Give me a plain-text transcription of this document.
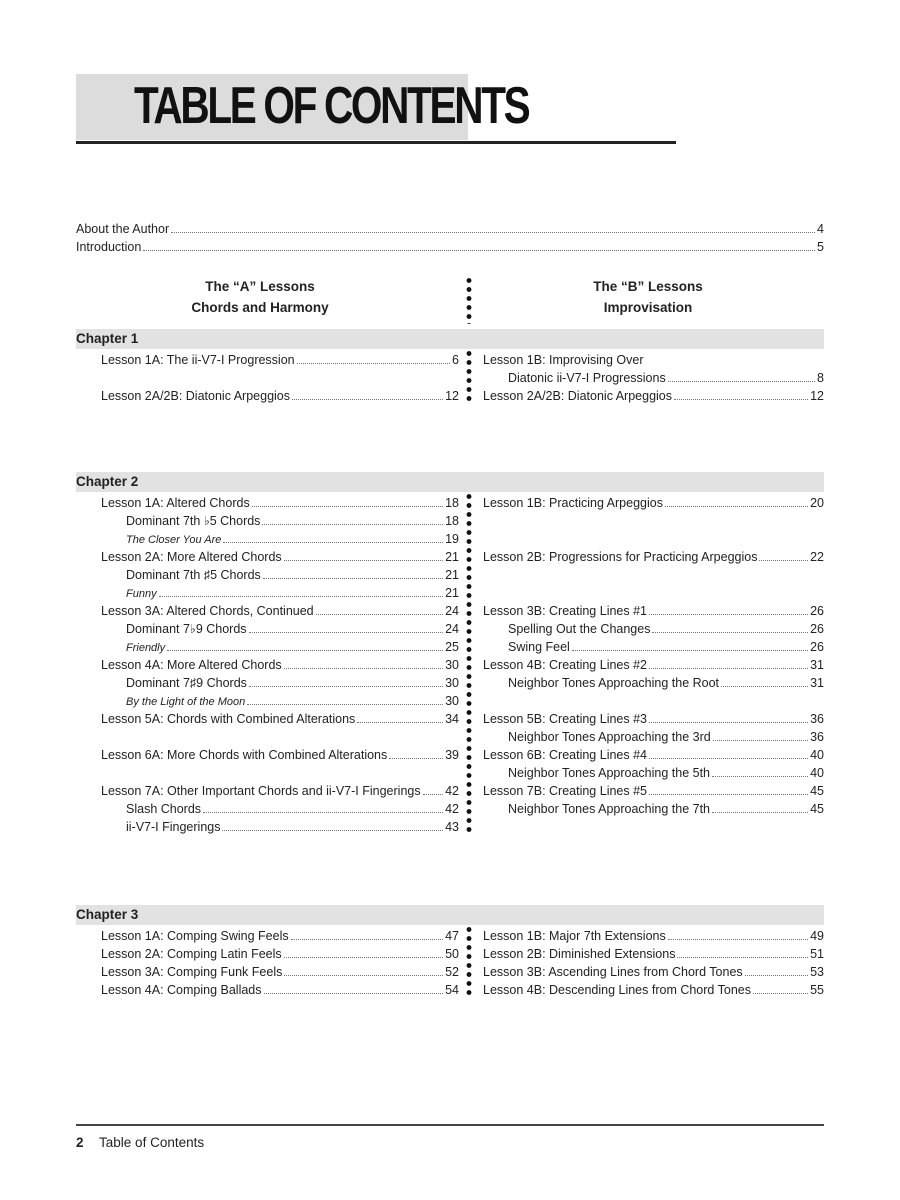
TABLE OF CONTENTS
About the Author	4
Introduction	5
The “A” Lessons
Chords and Harmony
The “B” Lessons
Improvisation
Chapter 1
Lesson 1A: The ii-V7-I Progression	6
Lesson 2A/2B: Diatonic Arpeggios	12
Lesson 1B: Improvising Over
Diatonic ii-V7-I Progressions	8
Lesson 2A/2B: Diatonic Arpeggios	12
Chapter 2
Lesson 1A: Altered Chords	18
Dominant 7th ♭5 Chords	18
The Closer You Are	19
Lesson 2A: More Altered Chords	21
Dominant 7th ♯5 Chords	21
Funny	21
Lesson 3A: Altered Chords, Continued	24
Dominant 7♭9 Chords	24
Friendly	25
Lesson 4A: More Altered Chords	30
Dominant 7♯9 Chords	30
By the Light of the Moon	30
Lesson 5A: Chords with Combined Alterations	34
Lesson 6A: More Chords with Combined Alterations	39
Lesson 7A: Other Important Chords and ii-V7-I Fingerings 42
Slash Chords	42
ii-V7-I Fingerings	43
Lesson 1B: Practicing Arpeggios	20
Lesson 2B: Progressions for Practicing Arpeggios	22
Lesson 3B: Creating Lines #1	26
Spelling Out the Changes	26
Swing Feel	26
Lesson 4B: Creating Lines #2	31
Neighbor Tones Approaching the Root	31
Lesson 5B: Creating Lines #3	36
Neighbor Tones Approaching the 3rd	36
Lesson 6B: Creating Lines #4	40
Neighbor Tones Approaching the 5th	40
Lesson 7B: Creating Lines #5	45
Neighbor Tones Approaching the 7th	45
Chapter 3
Lesson 1A: Comping Swing Feels	47
Lesson 2A: Comping Latin Feels	50
Lesson 3A: Comping Funk Feels	52
Lesson 4A: Comping Ballads	54
Lesson 1B: Major 7th Extensions	49
Lesson 2B: Diminished Extensions	51
Lesson 3B: Ascending Lines from Chord Tones	53
Lesson 4B: Descending Lines from Chord Tones	55
2 Table of Contents
